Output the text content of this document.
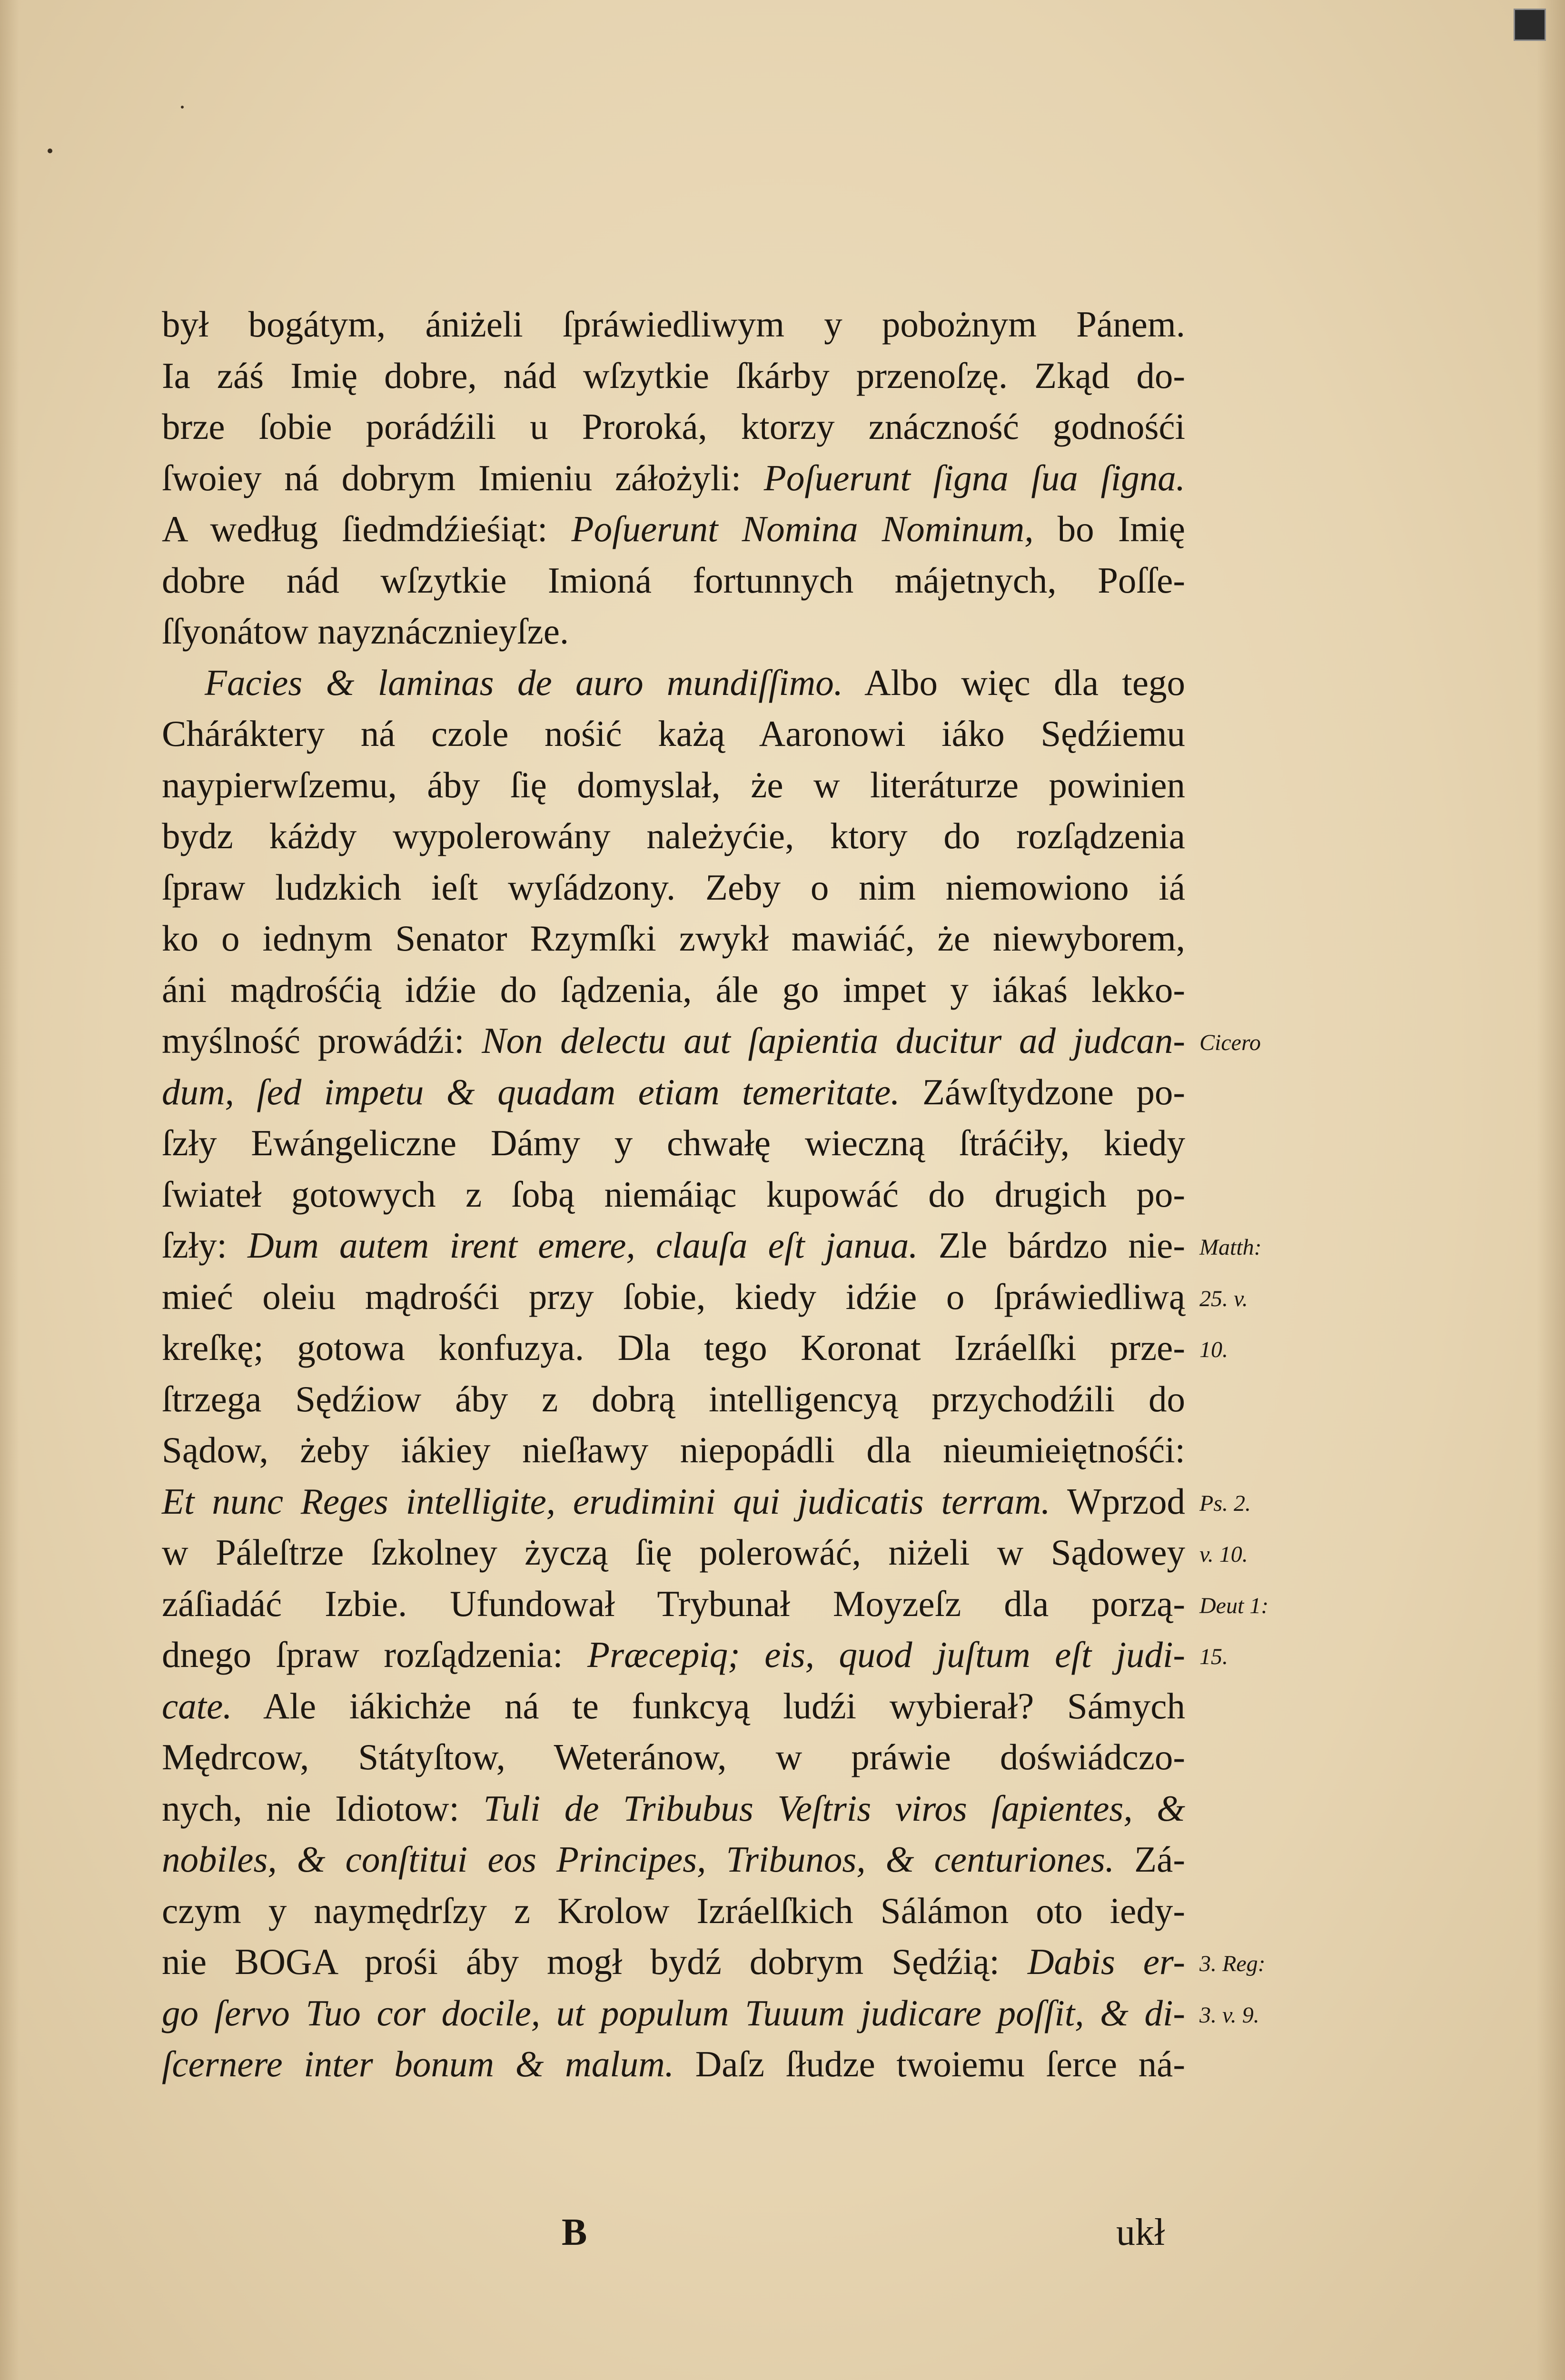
był bogátym, ániżeli ſpráwiedliwym y pobożnym Pánem.
Ia záś Imię dobre, nád wſzytkie ſkárby przenoſzę. Zkąd do-
brze ſobie porádźili u Proroká, ktorzy znáczność godnośći
ſwoiey ná dobrym Imieniu záłożyli: Poſuerunt ſigna ſua ſigna.
A według ſiedmdźieśiąt: Poſuerunt Nomina Nominum, bo Imię
dobre nád wſzytkie Imioná fortunnych májetnych, Poſſe-
ſſyonátow nayznácznieyſze.
Facies & laminas de auro mundiſſimo. Albo więc dla tego
Cháráktery ná czole nośić każą Aaronowi iáko Sędźiemu
naypierwſzemu, áby ſię domyslał, że w literáturze powinien
bydz káżdy wypolerowány należyćie, ktory do rozſądzenia
ſpraw ludzkich ieſt wyſádzony. Zeby o nim niemowiono iá
ko o iednym Senator Rzymſki zwykł mawiáć, że niewyborem,
áni mądrośćią idźie do ſądzenia, ále go impet y iákaś lekko-
myślność prowádźi: Non delectu aut ſapientia ducitur ad judcan-
dum, ſed impetu & quadam etiam temeritate. Záwſtydzone po-
ſzły Ewángeliczne Dámy y chwałę wieczną ſtráćiły, kiedy
ſwiateł gotowych z ſobą niemáiąc kupowáć do drugich po-
ſzły: Dum autem irent emere, clauſa eſt janua. Zle bárdzo nie-
mieć oleiu mądrośći przy ſobie, kiedy idźie o ſpráwiedliwą
kreſkę; gotowa konfuzya. Dla tego Koronat Izráelſki prze-
ſtrzega Sędźiow áby z dobrą intelligencyą przychodźili do
Sądow, żeby iákiey nieſławy niepopádli dla nieumieiętnośći:
Et nunc Reges intelligite, erudimini qui judicatis terram. Wprzod
w Páleſtrze ſzkolney życzą ſię polerowáć, niżeli w Sądowey
záſiadáć Izbie. Ufundował Trybunał Moyzeſz dla porzą-
dnego ſpraw rozſądzenia: Præcepiq; eis, quod juſtum eſt judi-
cate. Ale iákichże ná te funkcyą ludźi wybierał? Sámych
Mędrcow, Státyſtow, Weteránow, w práwie doświádczo-
nych, nie Idiotow: Tuli de Tribubus Veſtris viros ſapientes, &
nobiles, & conſtitui eos Principes, Tribunos, & centuriones. Zá-
czym y naymędrſzy z Krolow Izráelſkich Sálámon oto iedy-
nie BOGA prośi áby mogł bydź dobrym Sędźią: Dabis er-
go ſervo Tuo cor docile, ut populum Tuuum judicare poſſit, & di-
ſcernere inter bonum & malum. Daſz ſłudze twoiemu ſerce ná-
Cicero
Matth:
25. v.
10.
Ps. 2.
v. 10.
Deut 1:
15.
3. Reg:
3. v. 9.
B	ukł
